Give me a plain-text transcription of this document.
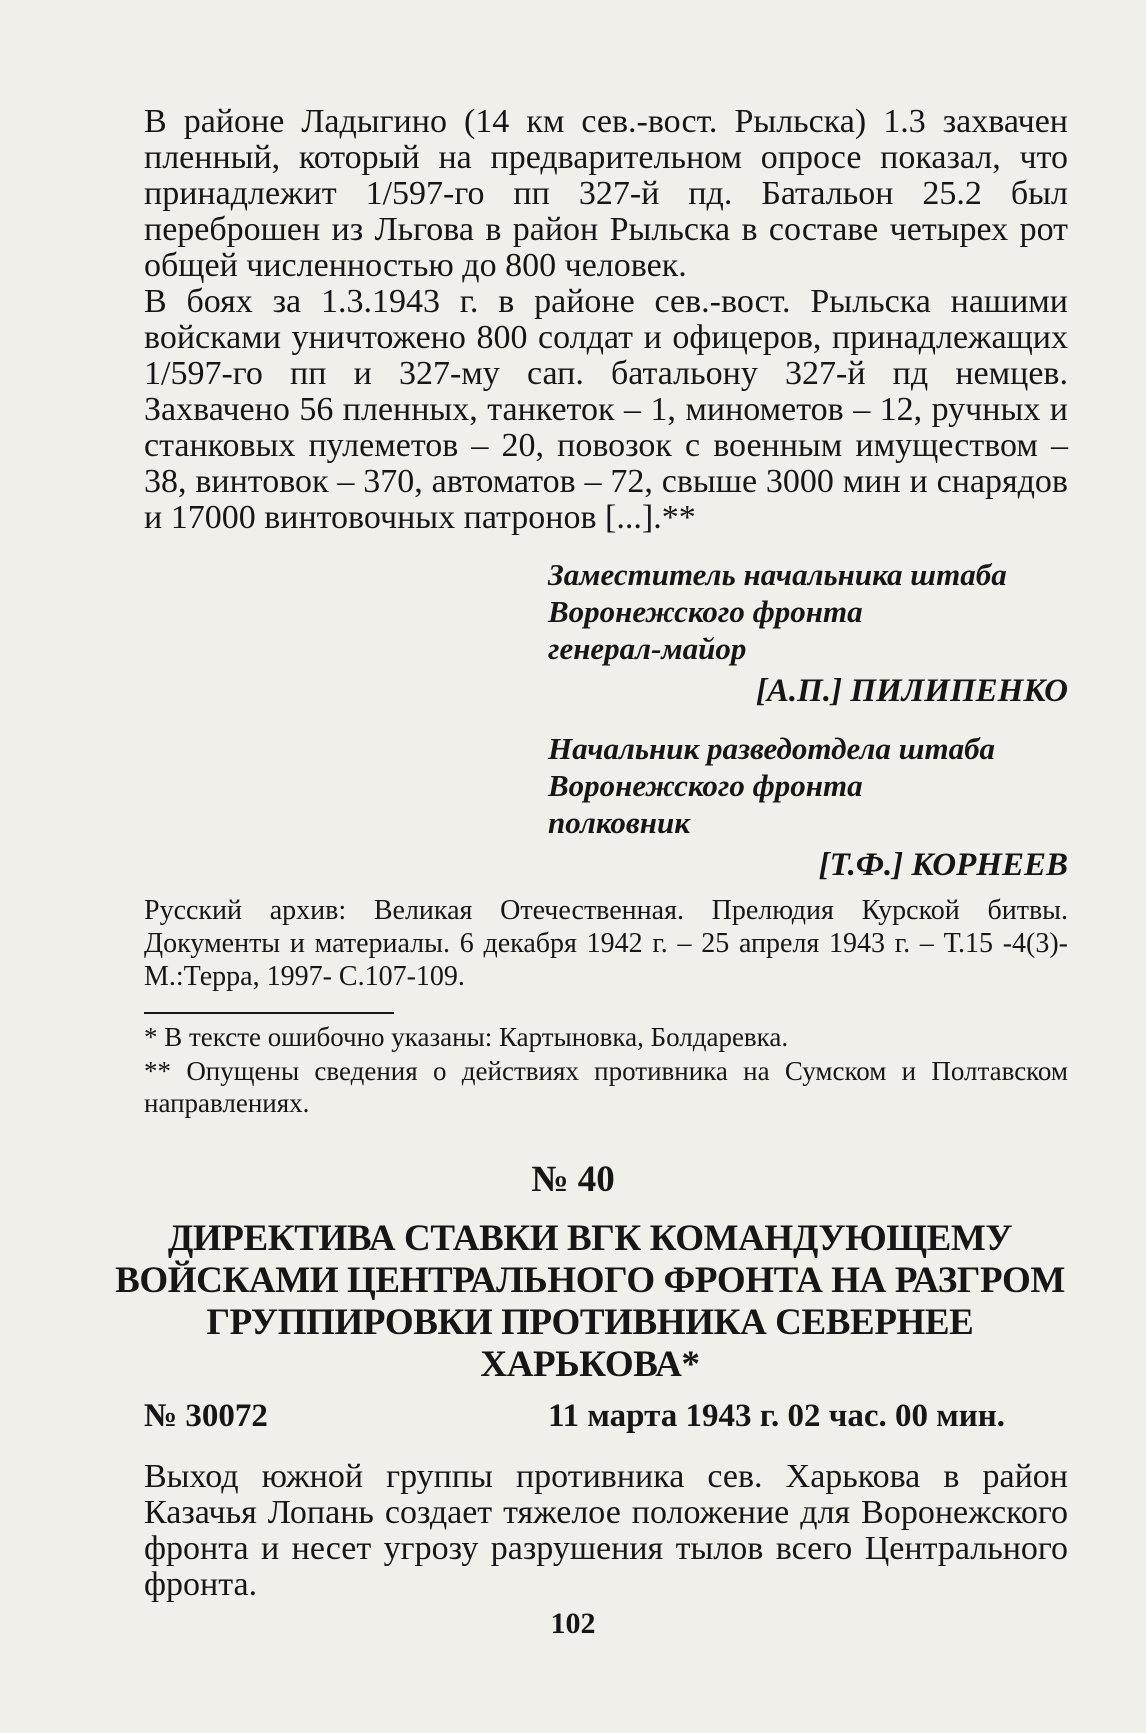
В районе Ладыгино (14 км сев.-вост. Рыльска) 1.3 захвачен пленный, который на предварительном опросе показал, что принадлежит 1/597-го пп 327-й пд. Батальон 25.2 был переброшен из Льгова в район Рыльска в составе четырех рот общей численностью до 800 человек.

В боях за 1.3.1943 г. в районе сев.-вост. Рыльска нашими войсками уничтожено 800 солдат и офицеров, принадлежащих 1/597-го пп и 327-му сап. батальону 327-й пд немцев. Захвачено 56 пленных, танкеток – 1, минометов – 12, ручных и станковых пулеметов – 20, повозок с военным имуществом – 38, винтовок – 370, автоматов – 72, свыше 3000 мин и снарядов и 17000 винтовочных патронов [...].**

Заместитель начальника штаба
Воронежского фронта
генерал-майор
[А.П.] ПИЛИПЕНКО
Начальник разведотдела штаба
Воронежского фронта
полковник
[Т.Ф.] КОРНЕЕВ

Русский архив: Великая Отечественная. Прелюдия Курской битвы. Документы и материалы. 6 декабря 1942 г. – 25 апреля 1943 г. – Т.15 -4(3)-М.:Терра, 1997- С.107-109.

* В тексте ошибочно указаны: Картыновка, Болдаревка.

** Опущены сведения о действиях противника на Сумском и Полтавском направлениях.

№ 40
ДИРЕКТИВА СТАВКИ ВГК КОМАНДУЮЩЕМУ ВОЙСКАМИ ЦЕНТРАЛЬНОГО ФРОНТА НА РАЗГРОМ ГРУППИРОВКИ ПРОТИВНИКА СЕВЕРНЕЕ ХАРЬКОВА*
№ 30072	11 марта 1943 г. 02 час. 00 мин.

Выход южной группы противника сев. Харькова в район Казачья Лопань создает тяжелое положение для Воронежского фронта и несет угрозу разрушения тылов всего Центрального фронта.

102
